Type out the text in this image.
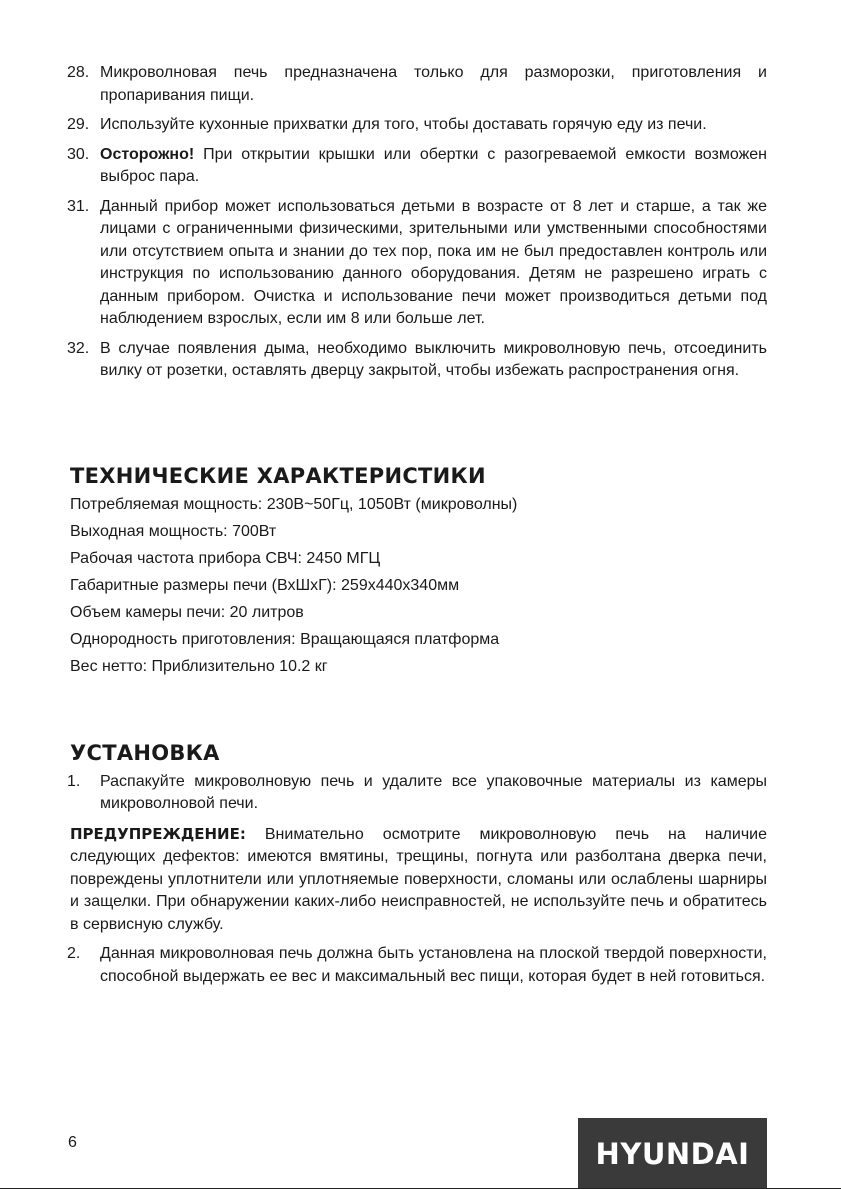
28. Микроволновая печь предназначена только для разморозки, приготовления и пропаривания пищи.
29. Используйте кухонные прихватки для того, чтобы доставать горячую еду из печи.
30. Осторожно! При открытии крышки или обертки с разогреваемой емкости возможен выброс пара.
31. Данный прибор может использоваться детьми в возрасте от 8 лет и старше, а так же лицами с ограниченными физическими, зрительными или умственными способностями или отсутствием опыта и знании до тех пор, пока им не был предоставлен контроль или инструкция по использованию данного оборудования. Детям не разрешено играть с данным прибором. Очистка и использование печи может производиться детьми под наблюдением взрослых, если им 8 или больше лет.
32. В случае появления дыма, необходимо выключить микроволновую печь, отсоединить вилку от розетки, оставлять дверцу закрытой, чтобы избежать распространения огня.
ТЕХНИЧЕСКИЕ ХАРАКТЕРИСТИКИ

Потребляемая мощность: 230В~50Гц, 1050Вт (микроволны)

Выходная мощность: 700Вт

Рабочая частота прибора СВЧ: 2450 МГЦ

Габаритные размеры печи (ВхШхГ): 259х440х340мм

Объем камеры печи: 20 литров

Однородность приготовления: Вращающаяся платформа

Вес нетто: Приблизительно 10.2 кг

УСТАНОВКА
1. Распакуйте микроволновую печь и удалите все упаковочные материалы из камеры микроволновой печи.

ПРЕДУПРЕЖДЕНИЕ: Внимательно осмотрите микроволновую печь на наличие следующих дефектов: имеются вмятины, трещины, погнута или разболтана дверка печи, повреждены уплотнители или уплотняемые поверхности, сломаны или ослаблены шарниры и защелки. При обнаружении каких-либо неисправностей, не используйте печь и обратитесь в сервисную службу.

2. Данная микроволновая печь должна быть установлена на плоской твердой поверхности, способной выдержать ее вес и максимальный вес пищи, которая будет в ней готовиться.
6	HYUNDAI
